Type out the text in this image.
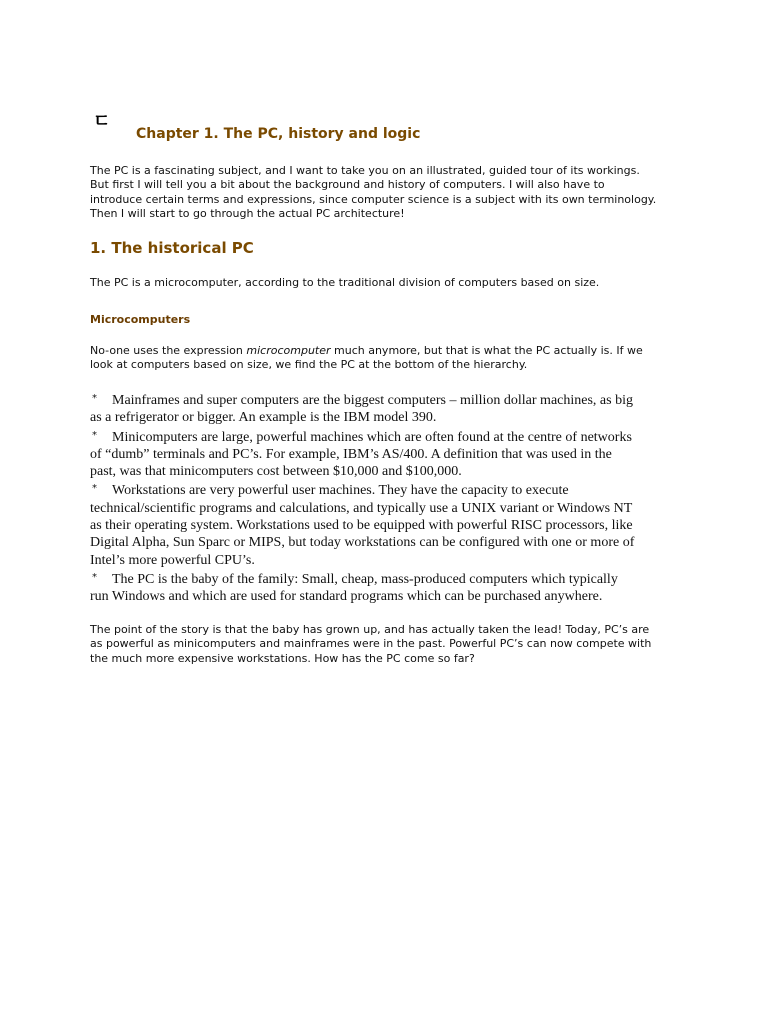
ㄷ
Chapter 1. The PC, history and logic

The PC is a fascinating subject, and I want to take you on an illustrated, guided tour of its workings.
But first I will tell you a bit about the background and history of computers. I will also have to
introduce certain terms and expressions, since computer science is a subject with its own terminology.
Then I will start to go through the actual PC architecture!

1. The historical PC

The PC is a microcomputer, according to the traditional division of computers based on size.

Microcomputers

No-one uses the expression microcomputer much anymore, but that is what the PC actually is. If we
look at computers based on size, we find the PC at the bottom of the hierarchy.

* Mainframes and super computers are the biggest computers – million dollar machines, as big
as a refrigerator or bigger. An example is the IBM model 390.
* Minicomputers are large, powerful machines which are often found at the centre of networks
of “dumb” terminals and PC’s. For example, IBM’s AS/400. A definition that was used in the
past, was that minicomputers cost between $10,000 and $100,000.
* Workstations are very powerful user machines. They have the capacity to execute
technical/scientific programs and calculations, and typically use a UNIX variant or Windows NT
as their operating system. Workstations used to be equipped with powerful RISC processors, like
Digital Alpha, Sun Sparc or MIPS, but today workstations can be configured with one or more of
Intel’s more powerful CPU’s.
* The PC is the baby of the family: Small, cheap, mass-produced computers which typically
run Windows and which are used for standard programs which can be purchased anywhere.

The point of the story is that the baby has grown up, and has actually taken the lead! Today, PC’s are
as powerful as minicomputers and mainframes were in the past. Powerful PC’s can now compete with
the much more expensive workstations. How has the PC come so far?
